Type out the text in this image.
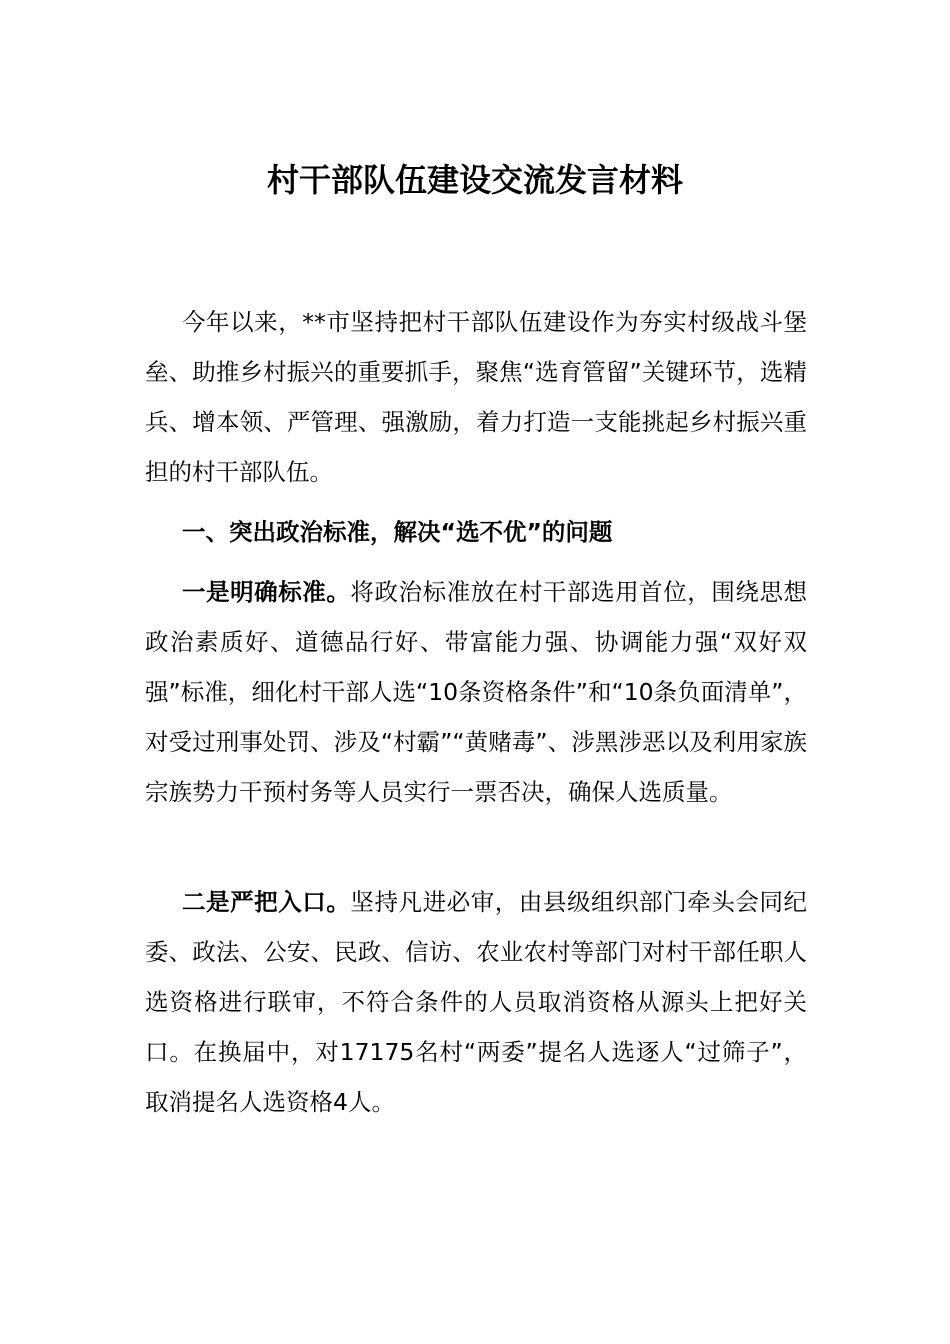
村干部队伍建设交流发言材料

今年以来，**市坚持把村干部队伍建设作为夯实村级战斗堡垒、助推乡村振兴的重要抓手，聚焦“选育管留”关键环节，选精兵、增本领、严管理、强激励，着力打造一支能挑起乡村振兴重担的村干部队伍。

一、突出政治标准，解决“选不优”的问题

一是明确标准。将政治标准放在村干部选用首位，围绕思想政治素质好、道德品行好、带富能力强、协调能力强“双好双强”标准，细化村干部人选“10条资格条件”和“10条负面清单”，对受过刑事处罚、涉及“村霸”“黄赌毒”、涉黑涉恶以及利用家族宗族势力干预村务等人员实行一票否决，确保人选质量。

二是严把入口。坚持凡进必审，由县级组织部门牵头会同纪委、政法、公安、民政、信访、农业农村等部门对村干部任职人选资格进行联审，不符合条件的人员取消资格从源头上把好关口。在换届中，对17175名村“两委”提名人选逐人“过筛子”，取消提名人选资格4人。
